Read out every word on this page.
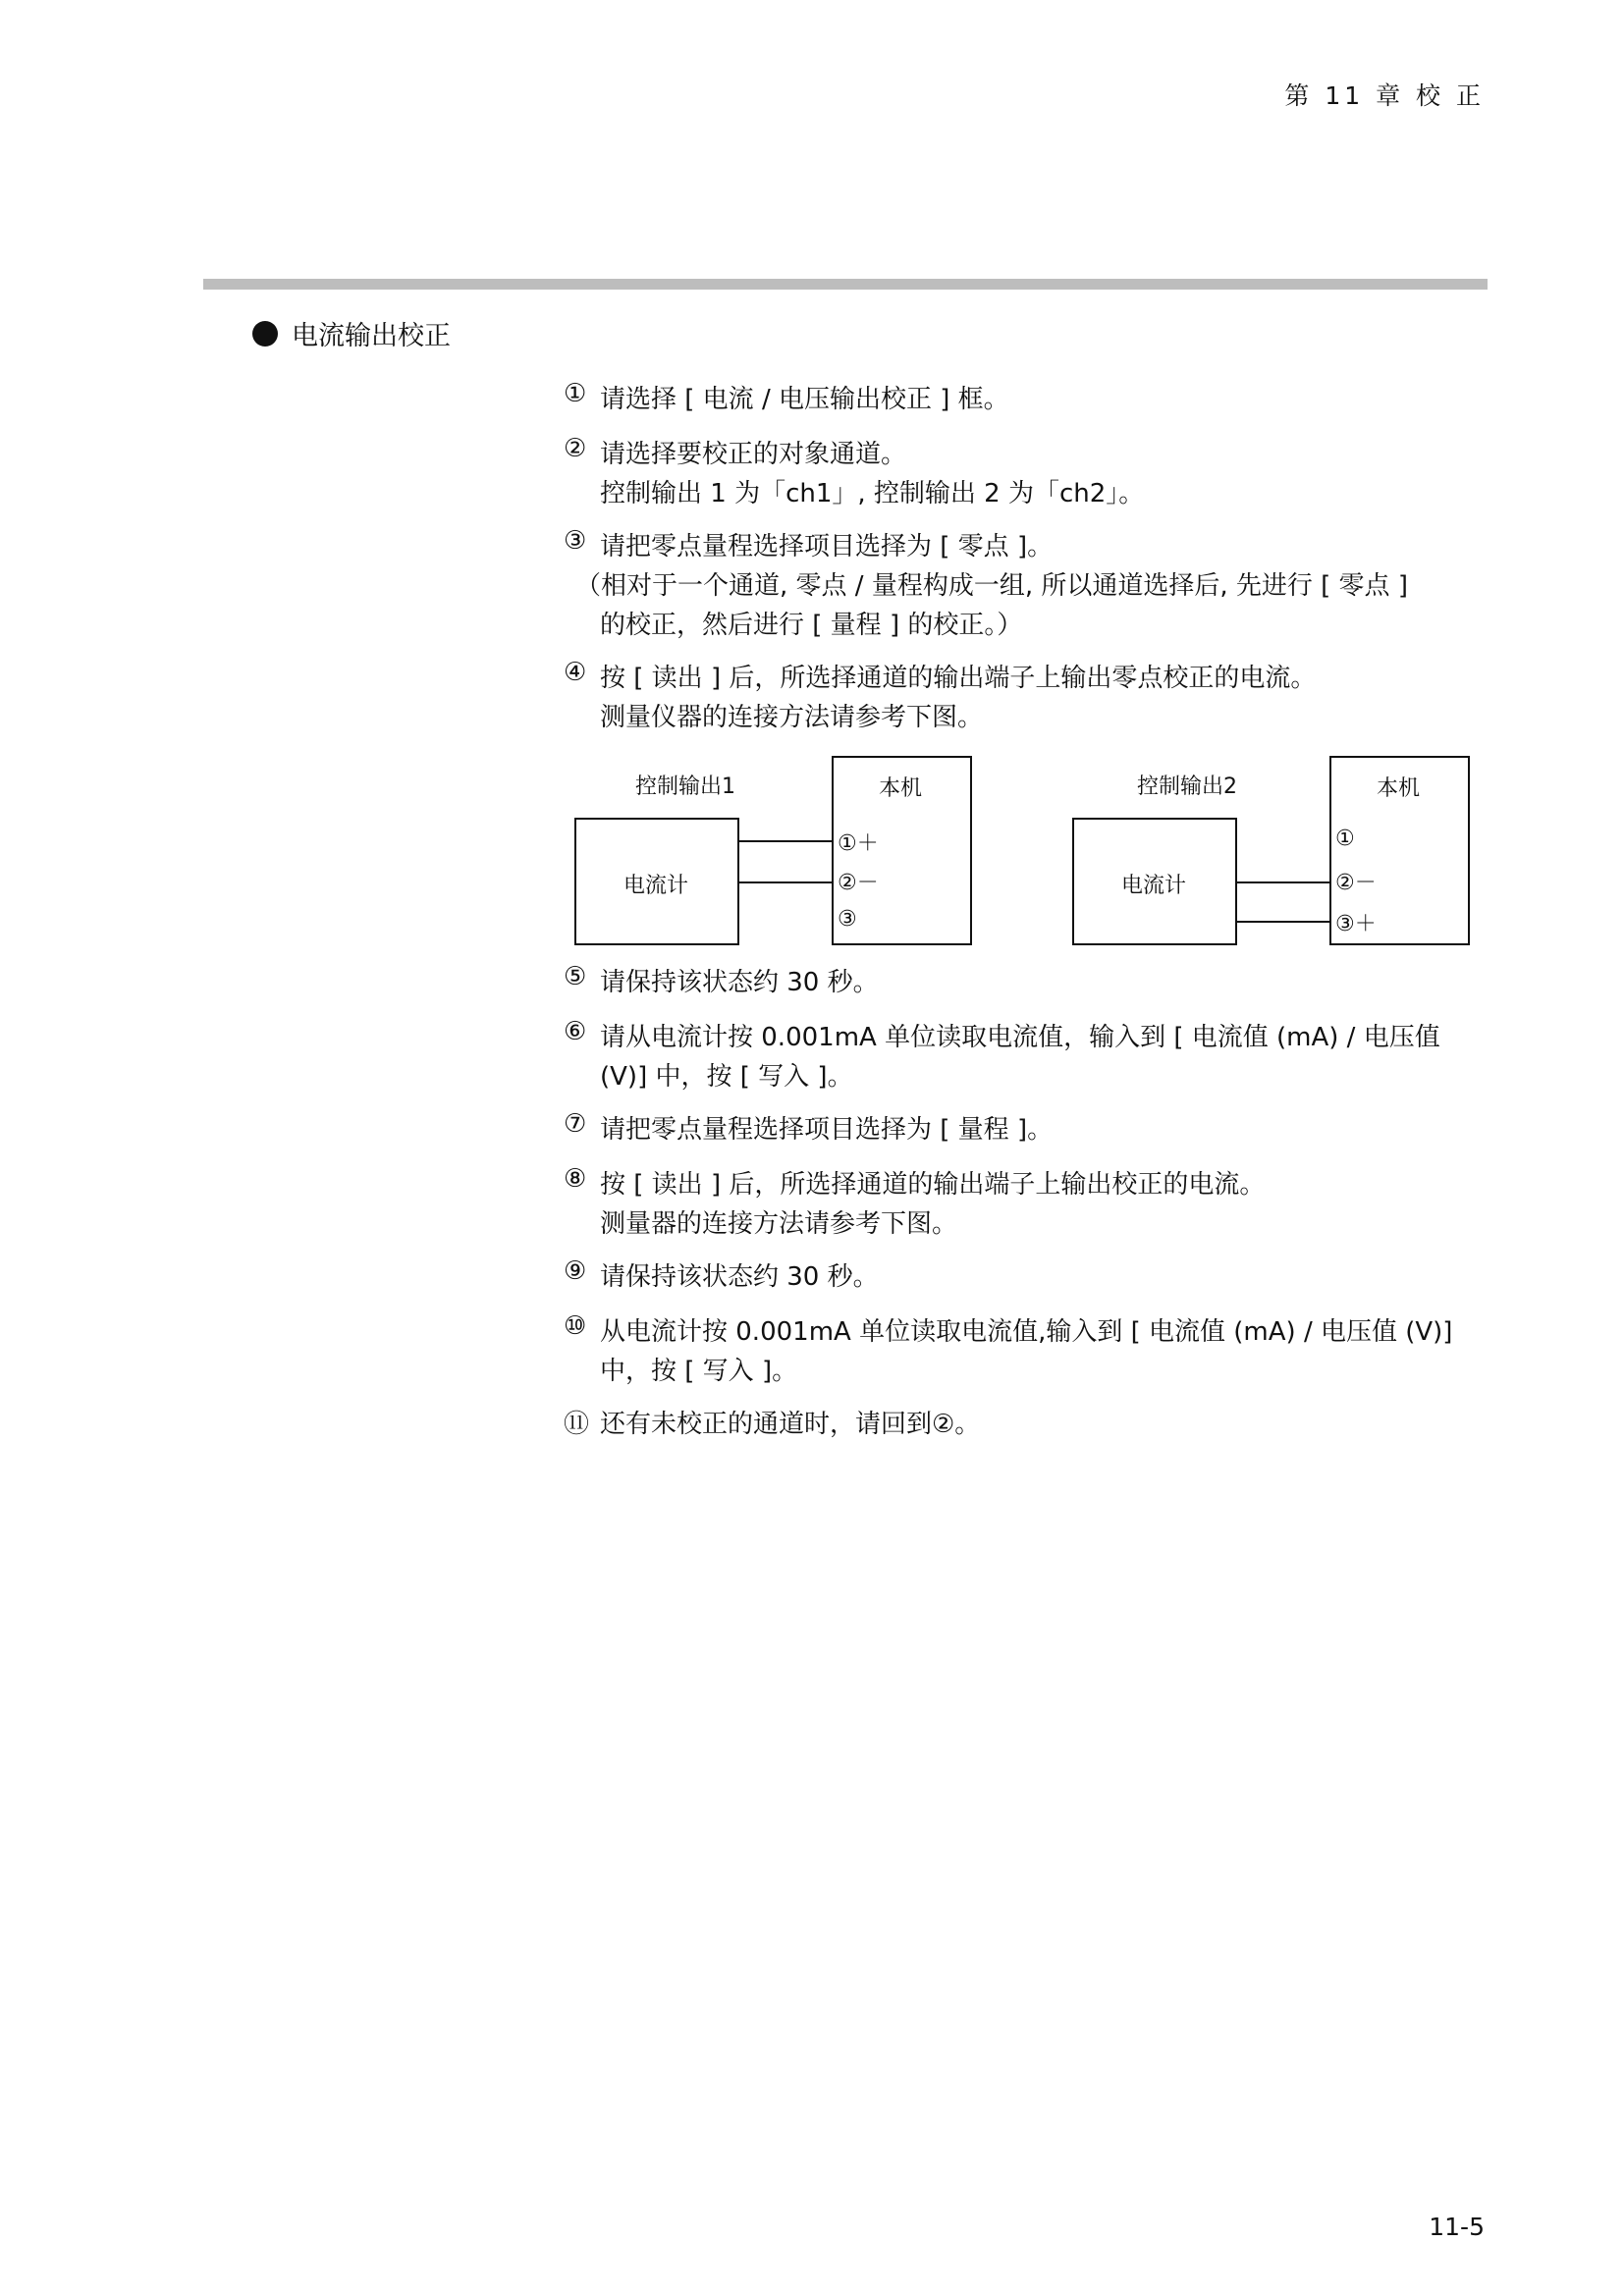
第 11 章 校 正
电流输出校正
① 请选择 [ 电流 / 电压输出校正 ] 框。
② 请选择要校正的对象通道。
控制输出 1 为「ch1」, 控制输出 2 为「ch2」。
③ 请把零点量程选择项目选择为 [ 零点 ]。
（相对于一个通道, 零点 / 量程构成一组, 所以通道选择后, 先进行 [ 零点 ]
的校正，然后进行 [ 量程 ] 的校正。）
④ 按 [ 读出 ] 后，所选择通道的输出端子上输出零点校正的电流。
测量仪器的连接方法请参考下图。
⑤ 请保持该状态约 30 秒。
⑥ 请从电流计按 0.001mA 单位读取电流值，输入到 [ 电流值 (mA) / 电压值
(V)] 中，按 [ 写入 ]。
⑦ 请把零点量程选择项目选择为 [ 量程 ]。
⑧ 按 [ 读出 ] 后，所选择通道的输出端子上输出校正的电流。
测量器的连接方法请参考下图。
⑨ 请保持该状态约 30 秒。
⑩ 从电流计按 0.001mA 单位读取电流值,输入到 [ 电流值 (mA) / 电压值 (V)]
中，按 [ 写入 ]。
⑪ 还有未校正的通道时，请回到②。
控制输出1
电流计
本机
①＋
②－
③
控制输出2
电流计
本机
①
②－
③＋
11-5
